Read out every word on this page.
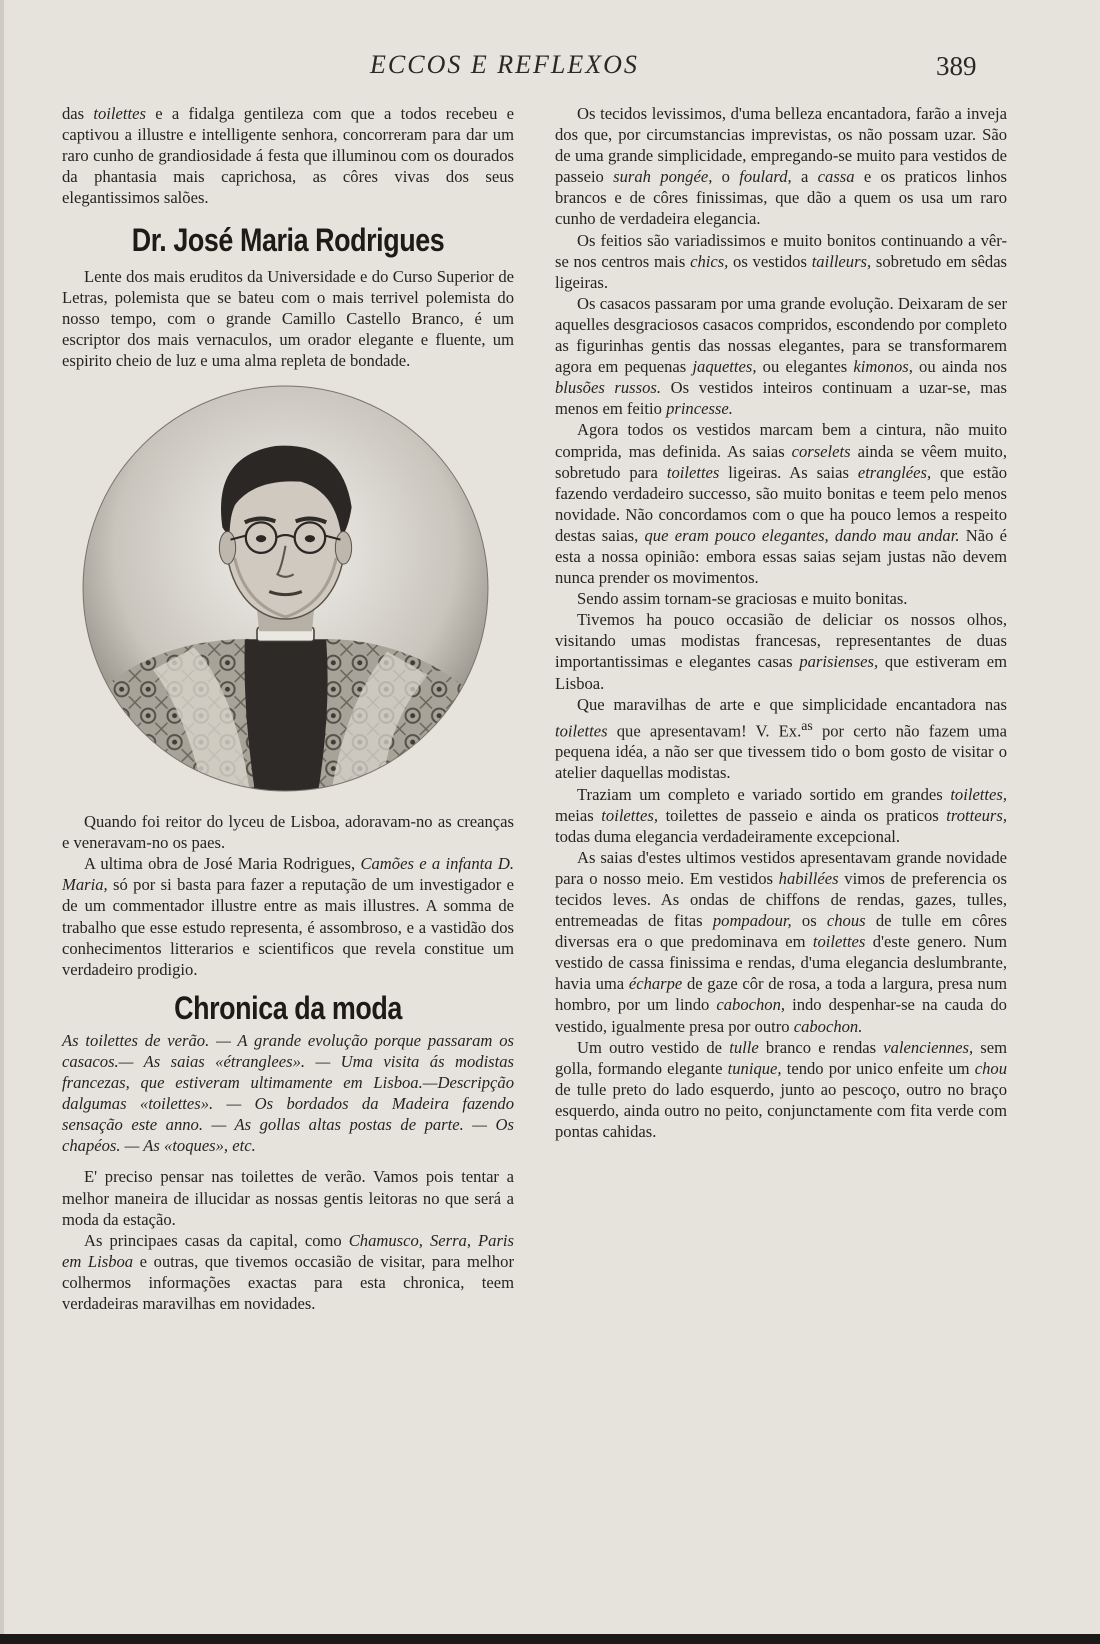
ECCOS E REFLEXOS	389

das toilettes e a fidalga gentileza com que a todos recebeu e captivou a illustre e intelligente senhora, concorreram para dar um raro cunho de grandiosidade á festa que illuminou com os dourados da phantasia mais caprichosa, as côres vivas dos seus elegantissimos salões.

Dr. José Maria Rodrigues

Lente dos mais eruditos da Universidade e do Curso Superior de Letras, polemista que se bateu com o mais terrivel polemista do nosso tempo, com o grande Camillo Castello Branco, é um escriptor dos mais vernaculos, um orador elegante e fluente, um espirito cheio de luz e uma alma repleta de bondade.

Quando foi reitor do lyceu de Lisboa, adoravam-no as creanças e veneravam-no os paes.

A ultima obra de José Maria Rodrigues, Camões e a infanta D. Maria, só por si basta para fazer a reputação de um investigador e de um commentador illustre entre as mais illustres. A somma de trabalho que esse estudo representa, é assombroso, e a vastidão dos conhecimentos litterarios e scientificos que revela constitue um verdadeiro prodigio.

Chronica da moda

As toilettes de verão. — A grande evolução porque passaram os casacos.— As saias «étranglees». — Uma visita ás modistas francezas, que estiveram ultimamente em Lisboa.—Descripção dalgumas «toilettes». — Os bordados da Madeira fazendo sensação este anno. — As gollas altas postas de parte. — Os chapéos. — As «toques», etc.

E' preciso pensar nas toilettes de verão. Vamos pois tentar a melhor maneira de illucidar as nossas gentis leitoras no que será a moda da estação.

As principaes casas da capital, como Chamusco, Serra, Paris em Lisboa e outras, que tivemos occasião de visitar, para melhor colhermos informações exactas para esta chronica, teem verdadeiras maravilhas em novidades.

Os tecidos levissimos, d'uma belleza encantadora, farão a inveja dos que, por circumstancias imprevistas, os não possam uzar. São de uma grande simplicidade, empregando-se muito para vestidos de passeio surah pongée, o foulard, a cassa e os praticos linhos brancos e de côres finissimas, que dão a quem os usa um raro cunho de verdadeira elegancia.

Os feitios são variadissimos e muito bonitos continuando a vêr-se nos centros mais chics, os vestidos tailleurs, sobretudo em sêdas ligeiras.

Os casacos passaram por uma grande evolução. Deixaram de ser aquelles desgraciosos casacos compridos, escondendo por completo as figurinhas gentis das nossas elegantes, para se transformarem agora em pequenas jaquettes, ou elegantes kimonos, ou ainda nos blusões russos. Os vestidos inteiros continuam a uzar-se, mas menos em feitio princesse.

Agora todos os vestidos marcam bem a cintura, não muito comprida, mas definida. As saias corselets ainda se vêem muito, sobretudo para toilettes ligeiras. As saias etranglées, que estão fazendo verdadeiro successo, são muito bonitas e teem pelo menos novidade. Não concordamos com o que ha pouco lemos a respeito destas saias, que eram pouco elegantes, dando mau andar. Não é esta a nossa opinião: embora essas saias sejam justas não devem nunca prender os movimentos.

Sendo assim tornam-se graciosas e muito bonitas.

Tivemos ha pouco occasião de deliciar os nossos olhos, visitando umas modistas francesas, representantes de duas importantissimas e elegantes casas parisienses, que estiveram em Lisboa.

Que maravilhas de arte e que simplicidade encantadora nas toilettes que apresentavam! V. Ex.$^{as}$ por certo não fazem uma pequena idéa, a não ser que tivessem tido o bom gosto de visitar o atelier daquellas modistas.

Traziam um completo e variado sortido em grandes toilettes, meias toilettes, toilettes de passeio e ainda os praticos trotteurs, todas duma elegancia verdadeiramente excepcional.

As saias d'estes ultimos vestidos apresentavam grande novidade para o nosso meio. Em vestidos habillées vimos de preferencia os tecidos leves. As ondas de chiffons de rendas, gazes, tulles, entremeadas de fitas pompadour, os chous de tulle em côres diversas era o que predominava em toilettes d'este genero. Num vestido de cassa finissima e rendas, d'uma elegancia deslumbrante, havia uma écharpe de gaze côr de rosa, a toda a largura, presa num hombro, por um lindo cabochon, indo despenhar-se na cauda do vestido, igualmente presa por outro cabochon.

Um outro vestido de tulle branco e rendas valenciennes, sem golla, formando elegante tunique, tendo por unico enfeite um chou de tulle preto do lado esquerdo, junto ao pescoço, outro no braço esquerdo, ainda outro no peito, conjunctamente com fita verde com pontas cahidas.
